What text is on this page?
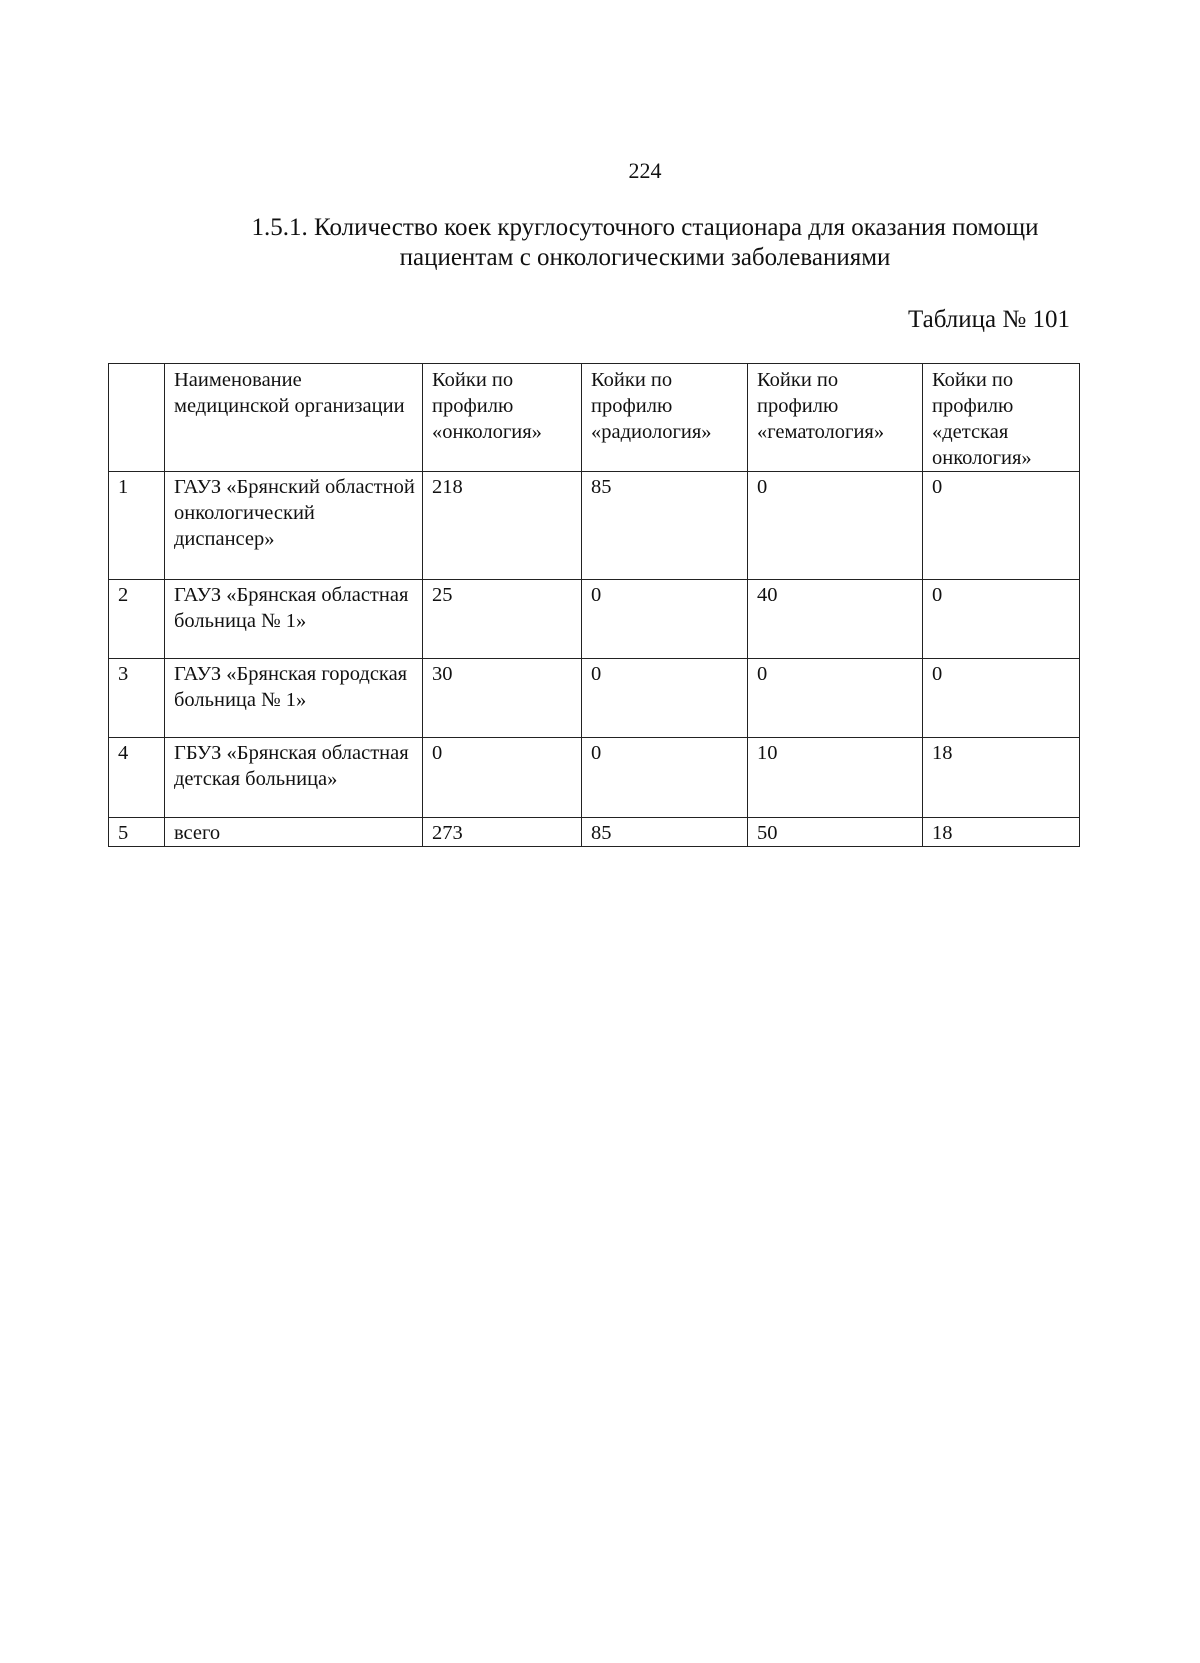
224
1.5.1. Количество коек круглосуточного стационара для оказания помощи
пациентам с онкологическими заболеваниями
Таблица № 101
	Наименование медицинской организации	Койки по профилю «онкология»	Койки по профилю «радиология»	Койки по профилю «гематология»	Койки по профилю «детская онкология»
1	ГАУЗ «Брянский областной онкологический диспансер»	218	85	0	0
2	ГАУЗ «Брянская областная больница № 1»	25	0	40	0
3	ГАУЗ «Брянская городская больница № 1»	30	0	0	0
4	ГБУЗ «Брянская областная детская больница»	0	0	10	18
5	всего	273	85	50	18
